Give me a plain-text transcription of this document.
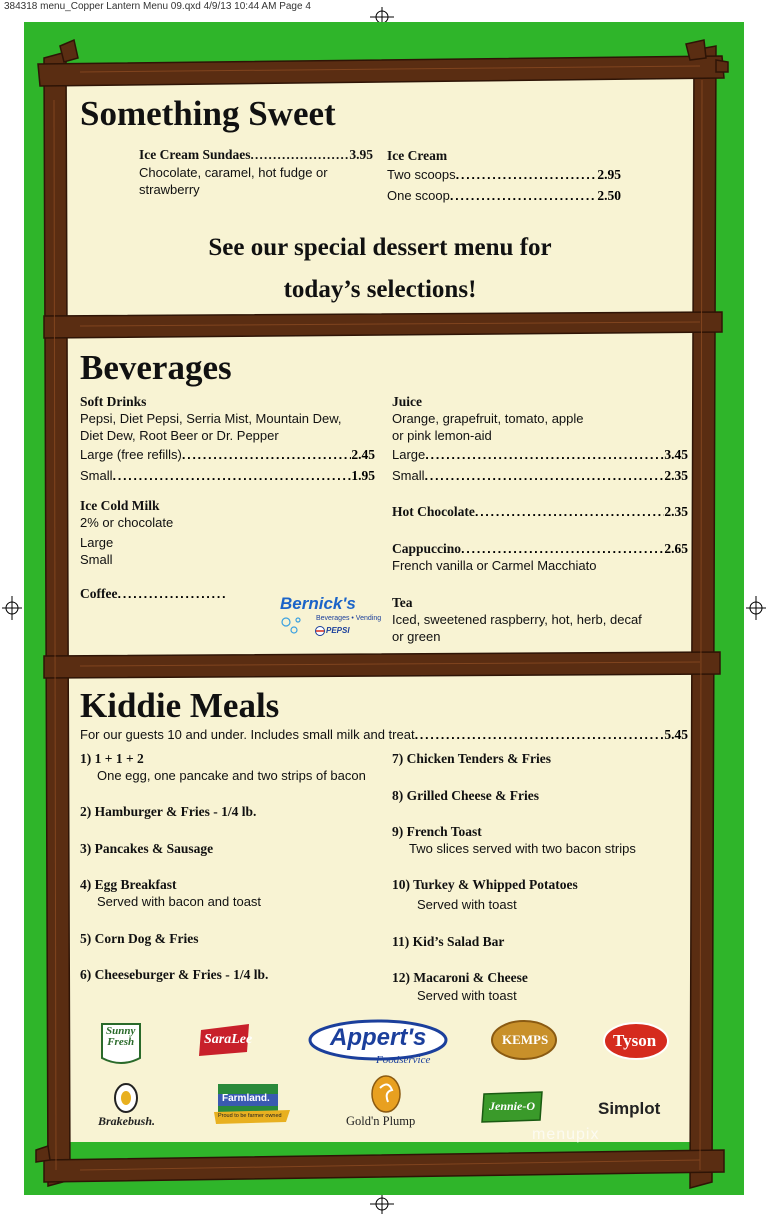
384318 menu_Copper Lantern Menu 09.qxd 4/9/13 10:44 AM Page 4
Something Sweet
Ice Cream Sundaes . . .	3.95
Chocolate, caramel, hot fudge or
strawberry
Ice Cream
Two scoops . . .	2.95
One scoop . . .	2.50
See our special dessert menu for
today’s selections!
Beverages
Soft Drinks
Pepsi, Diet Pepsi, Serria Mist, Mountain Dew,
Diet Dew, Root Beer or Dr. Pepper
Large (free refills) . . .	2.45
Small . . .	1.95
Ice Cold Milk
2% or chocolate
Large
Small
Coffee
. . .
Bernick's
Beverages • Vending
PEPSI
Juice
Orange, grapefruit, tomato, apple
or pink lemon-aid
Large . . .	3.45
Small . . .	2.35
Hot Chocolate . . .	2.35
Cappuccino . . .	2.65
French vanilla or Carmel Macchiato
Tea
Iced, sweetened raspberry, hot, herb, decaf
or green
Kiddie Meals
For our guests 10 and under. Includes small milk and treat . . .	5.45
1) 1 + 1 + 2
One egg, one pancake and two strips of bacon
2) Hamburger & Fries - 1/4 lb.
3) Pancakes & Sausage
4) Egg Breakfast
Served with bacon and toast
5) Corn Dog & Fries
6) Cheeseburger & Fries - 1/4 lb.
7) Chicken Tenders & Fries
8) Grilled Cheese & Fries
9) French Toast
Two slices served with two bacon strips
10) Turkey & Whipped Potatoes
Served with toast
11) Kid’s Salad Bar
12) Macaroni & Cheese
Served with toast
Sunny
Fresh	SaraLee	Appert's
Foodservice
KEMPS	Tyson
Brakebush.
Farmland.
Proud to be farmer owned	Gold'n Plump
Jennie-O	Simplot
menupix
